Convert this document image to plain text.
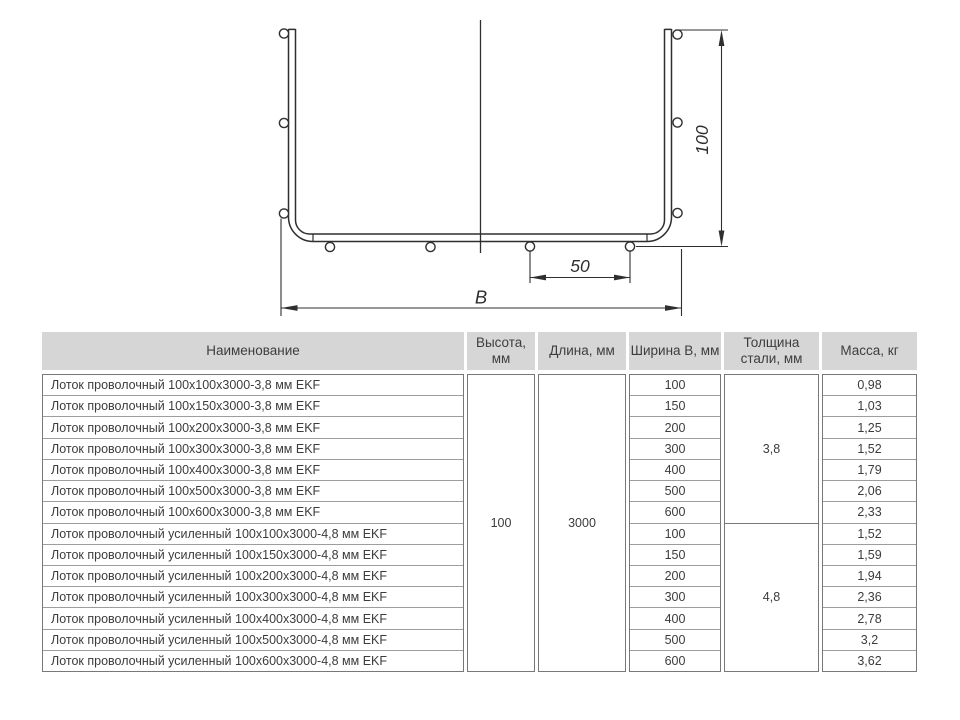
100
50
B
Наименование
Высота, мм
Длина, мм	Ширина В, мм
Толщина стали, мм
Масса, кг
Лоток проволочный 100х100х3000-3,8 мм EKF
Лоток проволочный 100х150х3000-3,8 мм EKF
Лоток проволочный 100х200х3000-3,8 мм EKF
Лоток проволочный 100х300х3000-3,8 мм EKF
Лоток проволочный 100х400х3000-3,8 мм EKF
Лоток проволочный 100х500х3000-3,8 мм EKF
Лоток проволочный 100х600х3000-3,8 мм EKF
Лоток проволочный усиленный 100х100х3000-4,8 мм EKF
Лоток проволочный усиленный 100х150х3000-4,8 мм EKF
Лоток проволочный усиленный 100х200х3000-4,8 мм EKF
Лоток проволочный усиленный 100х300х3000-4,8 мм EKF
Лоток проволочный усиленный 100х400х3000-4,8 мм EKF
Лоток проволочный усиленный 100х500х3000-4,8 мм EKF
Лоток проволочный усиленный 100х600х3000-4,8 мм EKF
100	3000
100
150
200
300
400
500
600
100
150
200
300
400
500
600
3,8
4,8
0,98
1,03
1,25
1,52
1,79
2,06
2,33
1,52
1,59
1,94
2,36
2,78
3,2
3,62
